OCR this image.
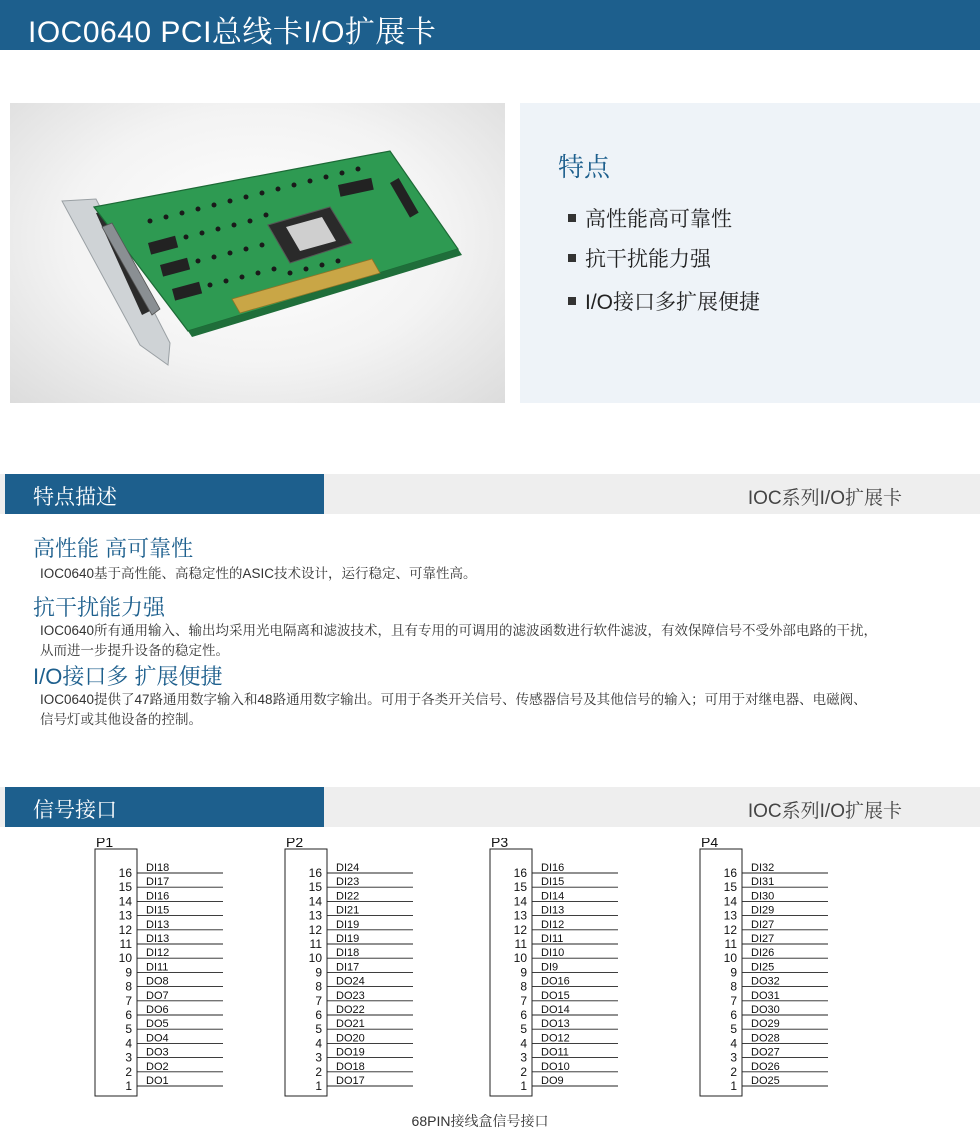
IOC0640 PCI总线卡I/O扩展卡
特点
高性能高可靠性
抗干扰能力强
I/O接口多扩展便捷
特点描述	IOC系列I/O扩展卡
高性能 高可靠性
IOC0640基于高性能、高稳定性的ASIC技术设计，运行稳定、可靠性高。
抗干扰能力强
IOC0640所有通用输入、输出均采用光电隔离和滤波技术，且有专用的可调用的滤波函数进行软件滤波，有效保障信号不受外部电路的干扰，从而进一步提升设备的稳定性。
I/O接口多 扩展便捷
IOC0640提供了47路通用数字输入和48路通用数字输出。可用于各类开关信号、传感器信号及其他信号的输入；可用于对继电器、电磁阀、信号灯或其他设备的控制。
信号接口	IOC系列I/O扩展卡
P1
16 DI18
15 DI17
14 DI16
13 DI15
12 DI13
11 DI13
10 DI12
9 DI11
8 DO8
7 DO7
6 DO6
5 DO5
4 DO4
3 DO3
2 DO2
1 DO1
P2
16 DI24
15 DI23
14 DI22
13 DI21
12 DI19
11 DI19
10 DI18
9 DI17
8 DO24
7 DO23
6 DO22
5 DO21
4 DO20
3 DO19
2 DO18
1 DO17
P3
16 DI16
15 DI15
14 DI14
13 DI13
12 DI12
11 DI11
10 DI10
9 DI9
8 DO16
7 DO15
6 DO14
5 DO13
4 DO12
3 DO11
2 DO10
1 DO9
P4
16 DI32
15 DI31
14 DI30
13 DI29
12 DI27
11 DI27
10 DI26
9 DI25
8 DO32
7 DO31
6 DO30
5 DO29
4 DO28
3 DO27
2 DO26
1 DO25
68PIN接线盒信号接口
